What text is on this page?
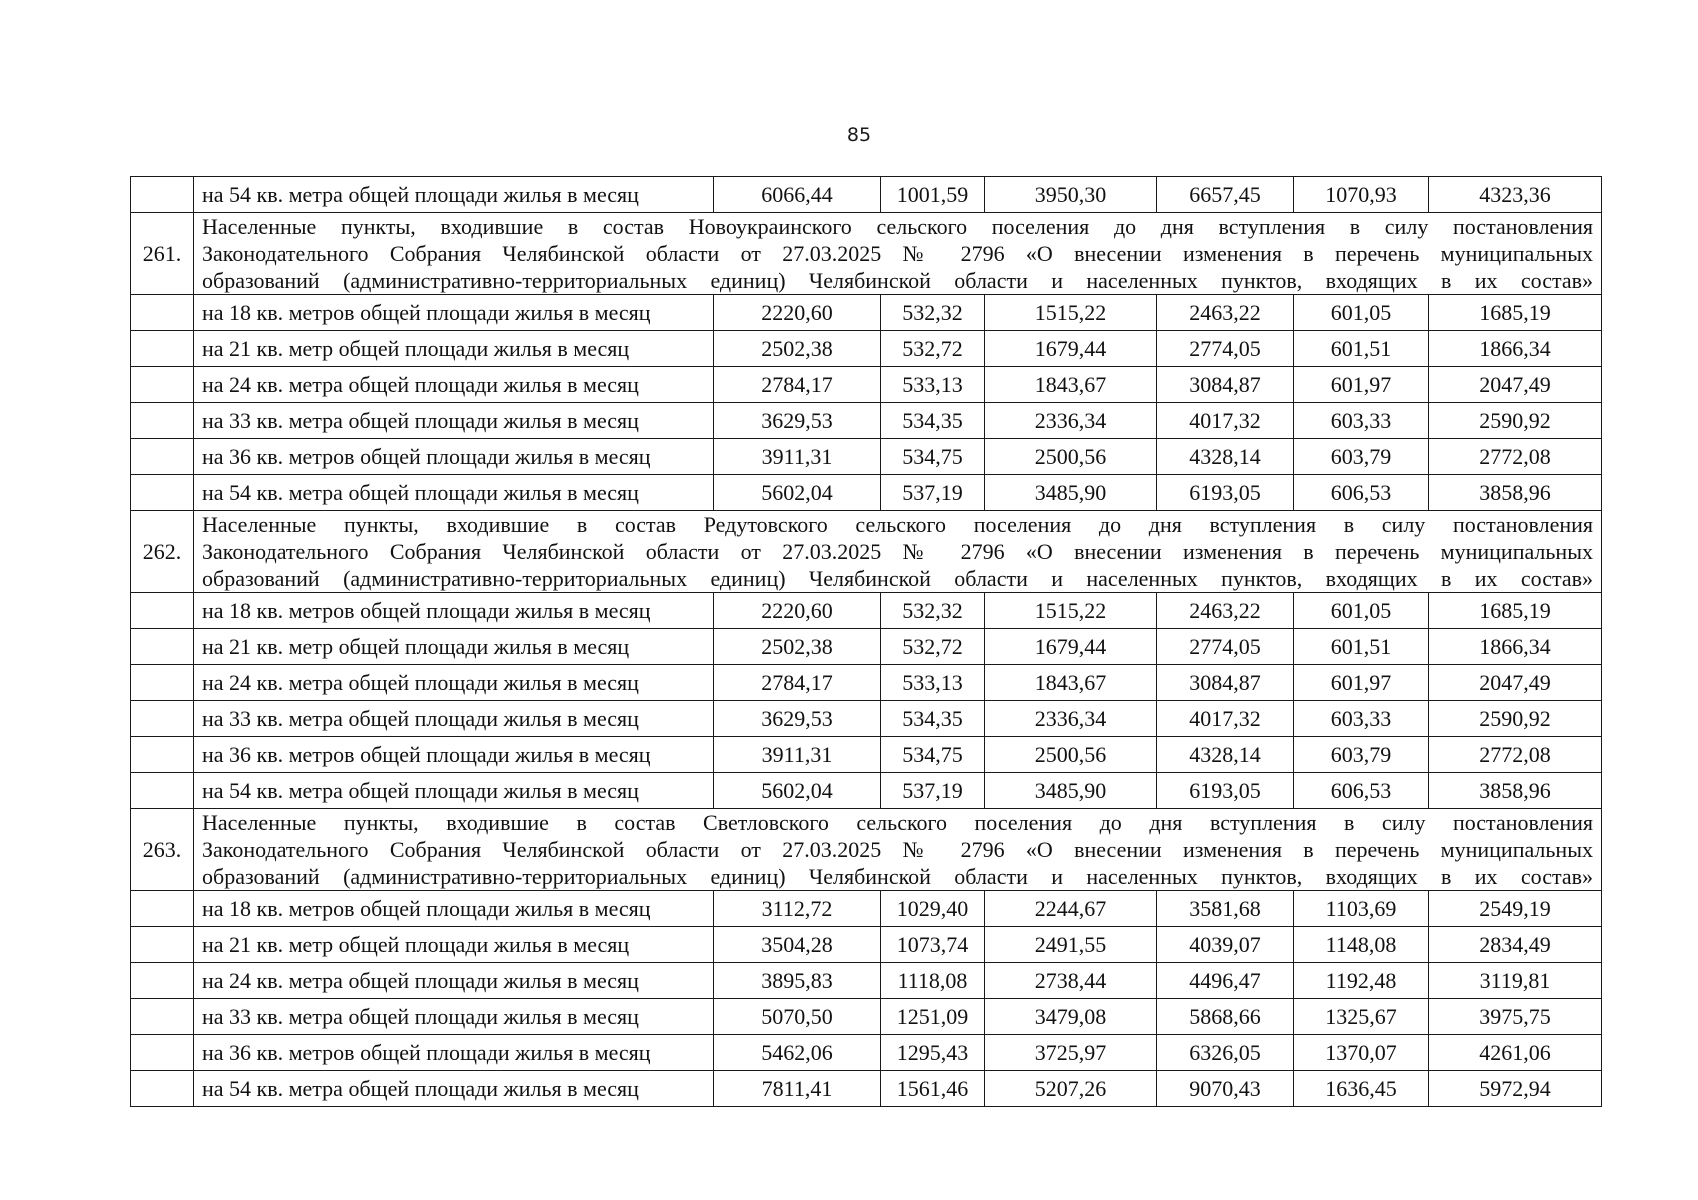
85
	на 54 кв. метра общей площади жилья в месяц	6066,44	1001,59	3950,30	6657,45	1070,93	4323,36
261.	Населенные пункты, входившие в состав Новоукраинского сельского поселения до дня вступления в силу постановления
Законодательного Собрания Челябинской области от 27.03.2025 № 2796 «О внесении изменения в перечень муниципальных
образований (административно-территориальных единиц) Челябинской области и населенных пунктов, входящих в их состав»						

	на 18 кв. метров общей площади жилья в месяц	2220,60	532,32	1515,22	2463,22	601,05	1685,19
	на 21 кв. метр общей площади жилья в месяц	2502,38	532,72	1679,44	2774,05	601,51	1866,34
	на 24 кв. метра общей площади жилья в месяц	2784,17	533,13	1843,67	3084,87	601,97	2047,49
	на 33 кв. метра общей площади жилья в месяц	3629,53	534,35	2336,34	4017,32	603,33	2590,92
	на 36 кв. метров общей площади жилья в месяц	3911,31	534,75	2500,56	4328,14	603,79	2772,08
	на 54 кв. метра общей площади жилья в месяц	5602,04	537,19	3485,90	6193,05	606,53	3858,96
262.	Населенные пункты, входившие в состав Редутовского сельского поселения до дня вступления в силу постановления
Законодательного Собрания Челябинской области от 27.03.2025 № 2796 «О внесении изменения в перечень муниципальных
образований (административно-территориальных единиц) Челябинской области и населенных пунктов, входящих в их состав»						

	на 18 кв. метров общей площади жилья в месяц	2220,60	532,32	1515,22	2463,22	601,05	1685,19
	на 21 кв. метр общей площади жилья в месяц	2502,38	532,72	1679,44	2774,05	601,51	1866,34
	на 24 кв. метра общей площади жилья в месяц	2784,17	533,13	1843,67	3084,87	601,97	2047,49
	на 33 кв. метра общей площади жилья в месяц	3629,53	534,35	2336,34	4017,32	603,33	2590,92
	на 36 кв. метров общей площади жилья в месяц	3911,31	534,75	2500,56	4328,14	603,79	2772,08
	на 54 кв. метра общей площади жилья в месяц	5602,04	537,19	3485,90	6193,05	606,53	3858,96
263.	Населенные пункты, входившие в состав Светловского сельского поселения до дня вступления в силу постановления
Законодательного Собрания Челябинской области от 27.03.2025 № 2796 «О внесении изменения в перечень муниципальных
образований (административно-территориальных единиц) Челябинской области и населенных пунктов, входящих в их состав»						

	на 18 кв. метров общей площади жилья в месяц	3112,72	1029,40	2244,67	3581,68	1103,69	2549,19
	на 21 кв. метр общей площади жилья в месяц	3504,28	1073,74	2491,55	4039,07	1148,08	2834,49
	на 24 кв. метра общей площади жилья в месяц	3895,83	1118,08	2738,44	4496,47	1192,48	3119,81
	на 33 кв. метра общей площади жилья в месяц	5070,50	1251,09	3479,08	5868,66	1325,67	3975,75
	на 36 кв. метров общей площади жилья в месяц	5462,06	1295,43	3725,97	6326,05	1370,07	4261,06
	на 54 кв. метра общей площади жилья в месяц	7811,41	1561,46	5207,26	9070,43	1636,45	5972,94
